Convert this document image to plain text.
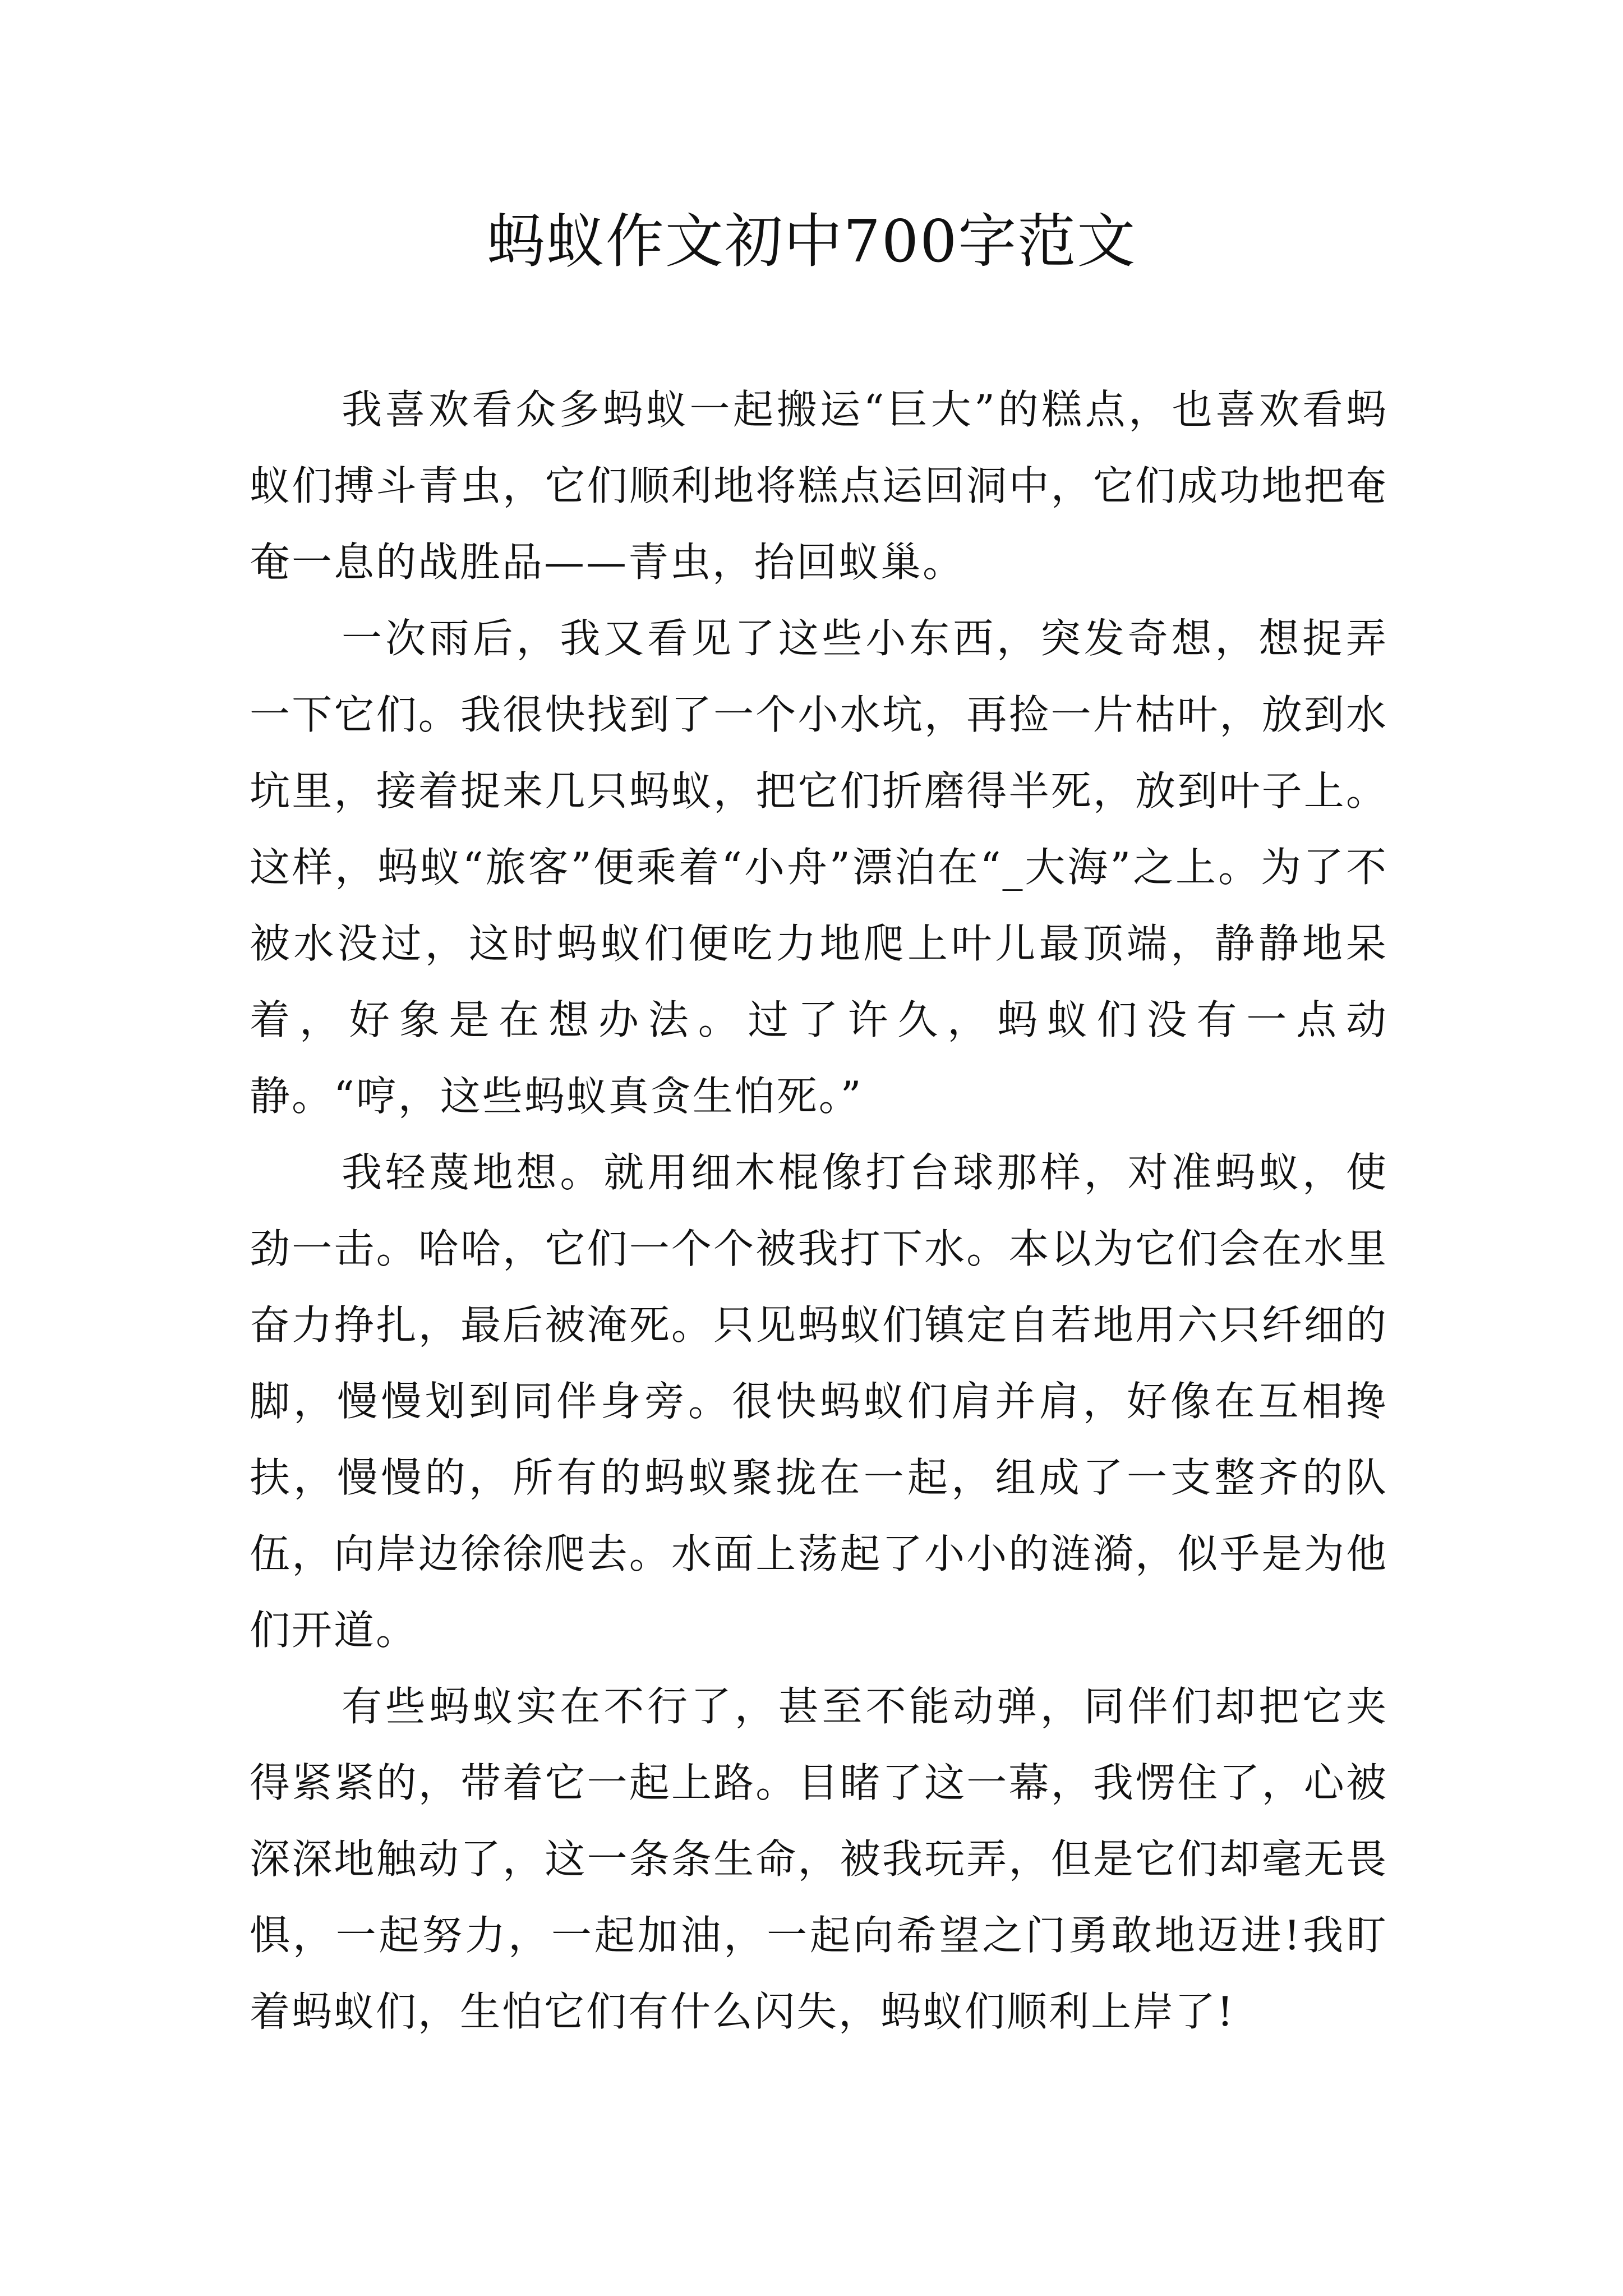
蚂蚁作文初中700字范文

我喜欢看众多蚂蚁一起搬运“巨大”的糕点，也喜欢看蚂蚁们搏斗青虫，它们顺利地将糕点运回洞中，它们成功地把奄奄一息的战胜品——青虫，抬回蚁巢。

一次雨后，我又看见了这些小东西，突发奇想，想捉弄一下它们。我很快找到了一个小水坑，再捡一片枯叶，放到水坑里，接着捉来几只蚂蚁，把它们折磨得半死，放到叶子上。这样，蚂蚁“旅客”便乘着“小舟”漂泊在“_大海”之上。为了不被水没过，这时蚂蚁们便吃力地爬上叶儿最顶端，静静地呆着，好象是在想办法。过了许久，蚂蚁们没有一点动静。“哼，这些蚂蚁真贪生怕死。”

我轻蔑地想。就用细木棍像打台球那样，对准蚂蚁，使劲一击。哈哈，它们一个个被我打下水。本以为它们会在水里奋力挣扎，最后被淹死。只见蚂蚁们镇定自若地用六只纤细的脚，慢慢划到同伴身旁。很快蚂蚁们肩并肩，好像在互相搀扶，慢慢的，所有的蚂蚁聚拢在一起，组成了一支整齐的队伍，向岸边徐徐爬去。水面上荡起了小小的涟漪，似乎是为他们开道。

有些蚂蚁实在不行了，甚至不能动弹，同伴们却把它夹得紧紧的，带着它一起上路。目睹了这一幕，我愣住了，心被深深地触动了，这一条条生命，被我玩弄，但是它们却毫无畏惧，一起努力，一起加油，一起向希望之门勇敢地迈进!我盯着蚂蚁们，生怕它们有什么闪失，蚂蚁们顺利上岸了!
